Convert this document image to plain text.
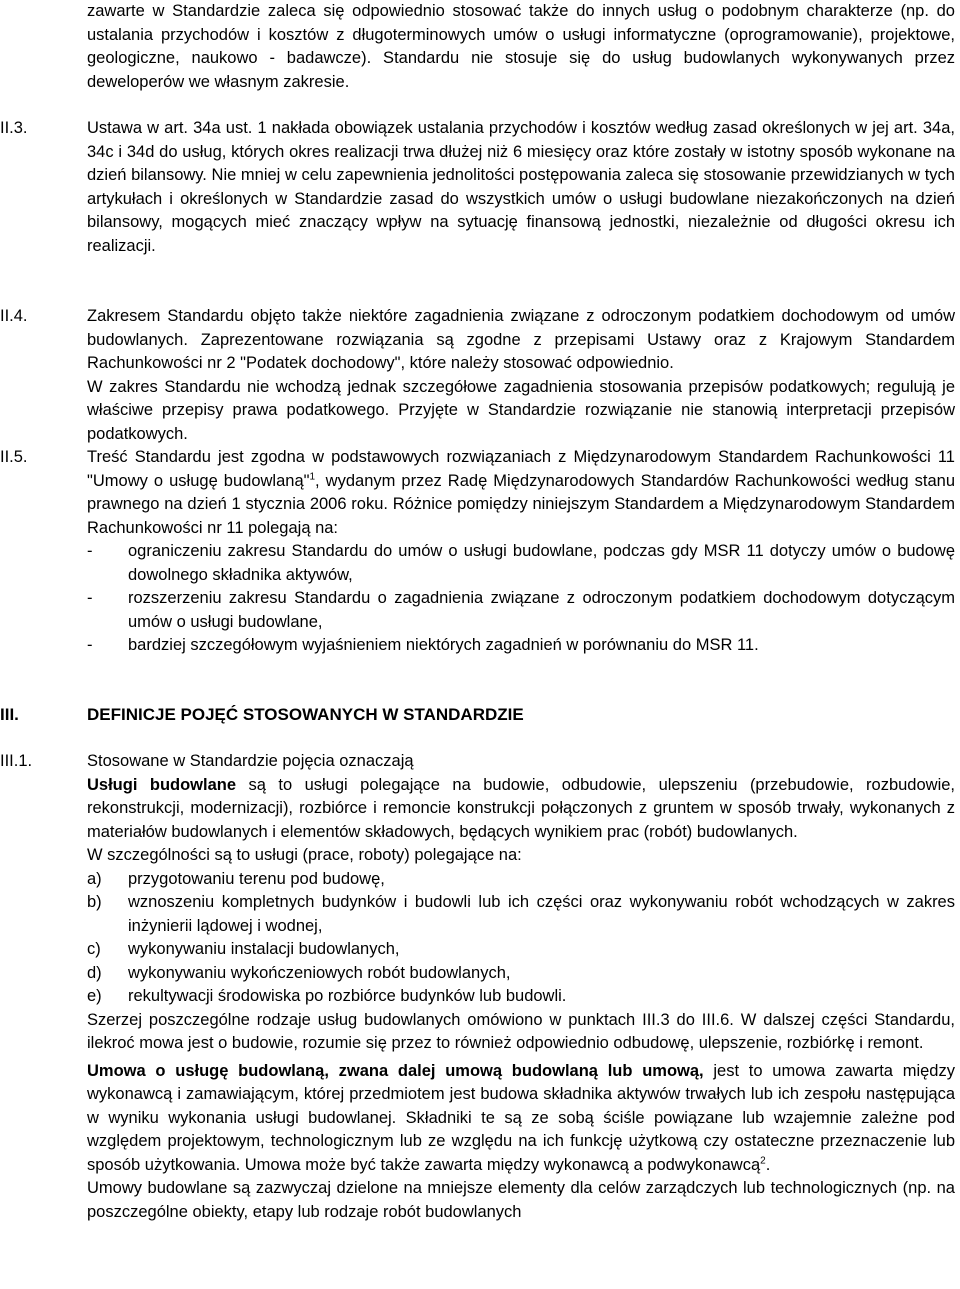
zawarte w Standardzie zaleca się odpowiednio stosować także do innych usług o podobnym charakterze (np. do ustalania przychodów i kosztów z długoterminowych umów o usługi informatyczne (oprogramowanie), projektowe, geologiczne, naukowo - badawcze). Standardu nie stosuje się do usług budowlanych wykonywanych przez deweloperów we własnym zakresie.

II.3.	Ustawa w art. 34a ust. 1 nakłada obowiązek ustalania przychodów i kosztów według zasad określonych w jej art. 34a, 34c i 34d do usług, których okres realizacji trwa dłużej niż 6 miesięcy oraz które zostały w istotny sposób wykonane na dzień bilansowy. Nie mniej w celu zapewnienia jednolitości postępowania zaleca się stosowanie przewidzianych w tych artykułach i określonych w Standardzie zasad do wszystkich umów o usługi budowlane niezakończonych na dzień bilansowy, mogących mieć znaczący wpływ na sytuację finansową jednostki, niezależnie od długości okresu ich realizacji.

II.4.	Zakresem Standardu objęto także niektóre zagadnienia związane z odroczonym podatkiem dochodowym od umów budowlanych. Zaprezentowane rozwiązania są zgodne z przepisami Ustawy oraz z Krajowym Standardem Rachunkowości nr 2 "Podatek dochodowy", które należy stosować odpowiednio.

W zakres Standardu nie wchodzą jednak szczegółowe zagadnienia stosowania przepisów podatkowych; regulują je właściwe przepisy prawa podatkowego. Przyjęte w Standardzie rozwiązanie nie stanowią interpretacji przepisów podatkowych.

II.5.	Treść Standardu jest zgodna w podstawowych rozwiązaniach z Międzynarodowym Standardem Rachunkowości 11 "Umowy o usługę budowlaną"$^1$, wydanym przez Radę Międzynarodowych Standardów Rachunkowości według stanu prawnego na dzień 1 stycznia 2006 roku. Różnice pomiędzy niniejszym Standardem a Międzynarodowym Standardem Rachunkowości nr 11 polegają na:

- ograniczeniu zakresu Standardu do umów o usługi budowlane, podczas gdy MSR 11 dotyczy umów o budowę dowolnego składnika aktywów,
- rozszerzeniu zakresu Standardu o zagadnienia związane z odroczonym podatkiem dochodowym dotyczącym umów o usługi budowlane,
- bardziej szczegółowym wyjaśnieniem niektórych zagadnień w porównaniu do MSR 11.
III.	DEFINICJE POJĘĆ STOSOWANYCH W STANDARDZIE
III.1.	Stosowane w Standardzie pojęcia oznaczają

Usługi budowlane są to usługi polegające na budowie, odbudowie, ulepszeniu (przebudowie, rozbudowie, rekonstrukcji, modernizacji), rozbiórce i remoncie konstrukcji połączonych z gruntem w sposób trwały, wykonanych z materiałów budowlanych i elementów składowych, będących wynikiem prac (robót) budowlanych.

W szczególności są to usługi (prace, roboty) polegające na:

a) przygotowaniu terenu pod budowę,
b) wznoszeniu kompletnych budynków i budowli lub ich części oraz wykonywaniu robót wchodzących w zakres inżynierii lądowej i wodnej,
c) wykonywaniu instalacji budowlanych,
d) wykonywaniu wykończeniowych robót budowlanych,
e) rekultywacji środowiska po rozbiórce budynków lub budowli.

Szerzej poszczególne rodzaje usług budowlanych omówiono w punktach III.3 do III.6. W dalszej części Standardu, ilekroć mowa jest o budowie, rozumie się przez to również odpowiednio odbudowę, ulepszenie, rozbiórkę i remont.

Umowa o usługę budowlaną, zwana dalej umową budowlaną lub umową, jest to umowa zawarta między wykonawcą i zamawiającym, której przedmiotem jest budowa składnika aktywów trwałych lub ich zespołu następująca w wyniku wykonania usługi budowlanej. Składniki te są ze sobą ściśle powiązane lub wzajemnie zależne pod względem projektowym, technologicznym lub ze względu na ich funkcję użytkową czy ostateczne przeznaczenie lub sposób użytkowania. Umowa może być także zawarta między wykonawcą a podwykonawcą$^2$.

Umowy budowlane są zazwyczaj dzielone na mniejsze elementy dla celów zarządczych lub technologicznych (np. na poszczególne obiekty, etapy lub rodzaje robót budowlanych
